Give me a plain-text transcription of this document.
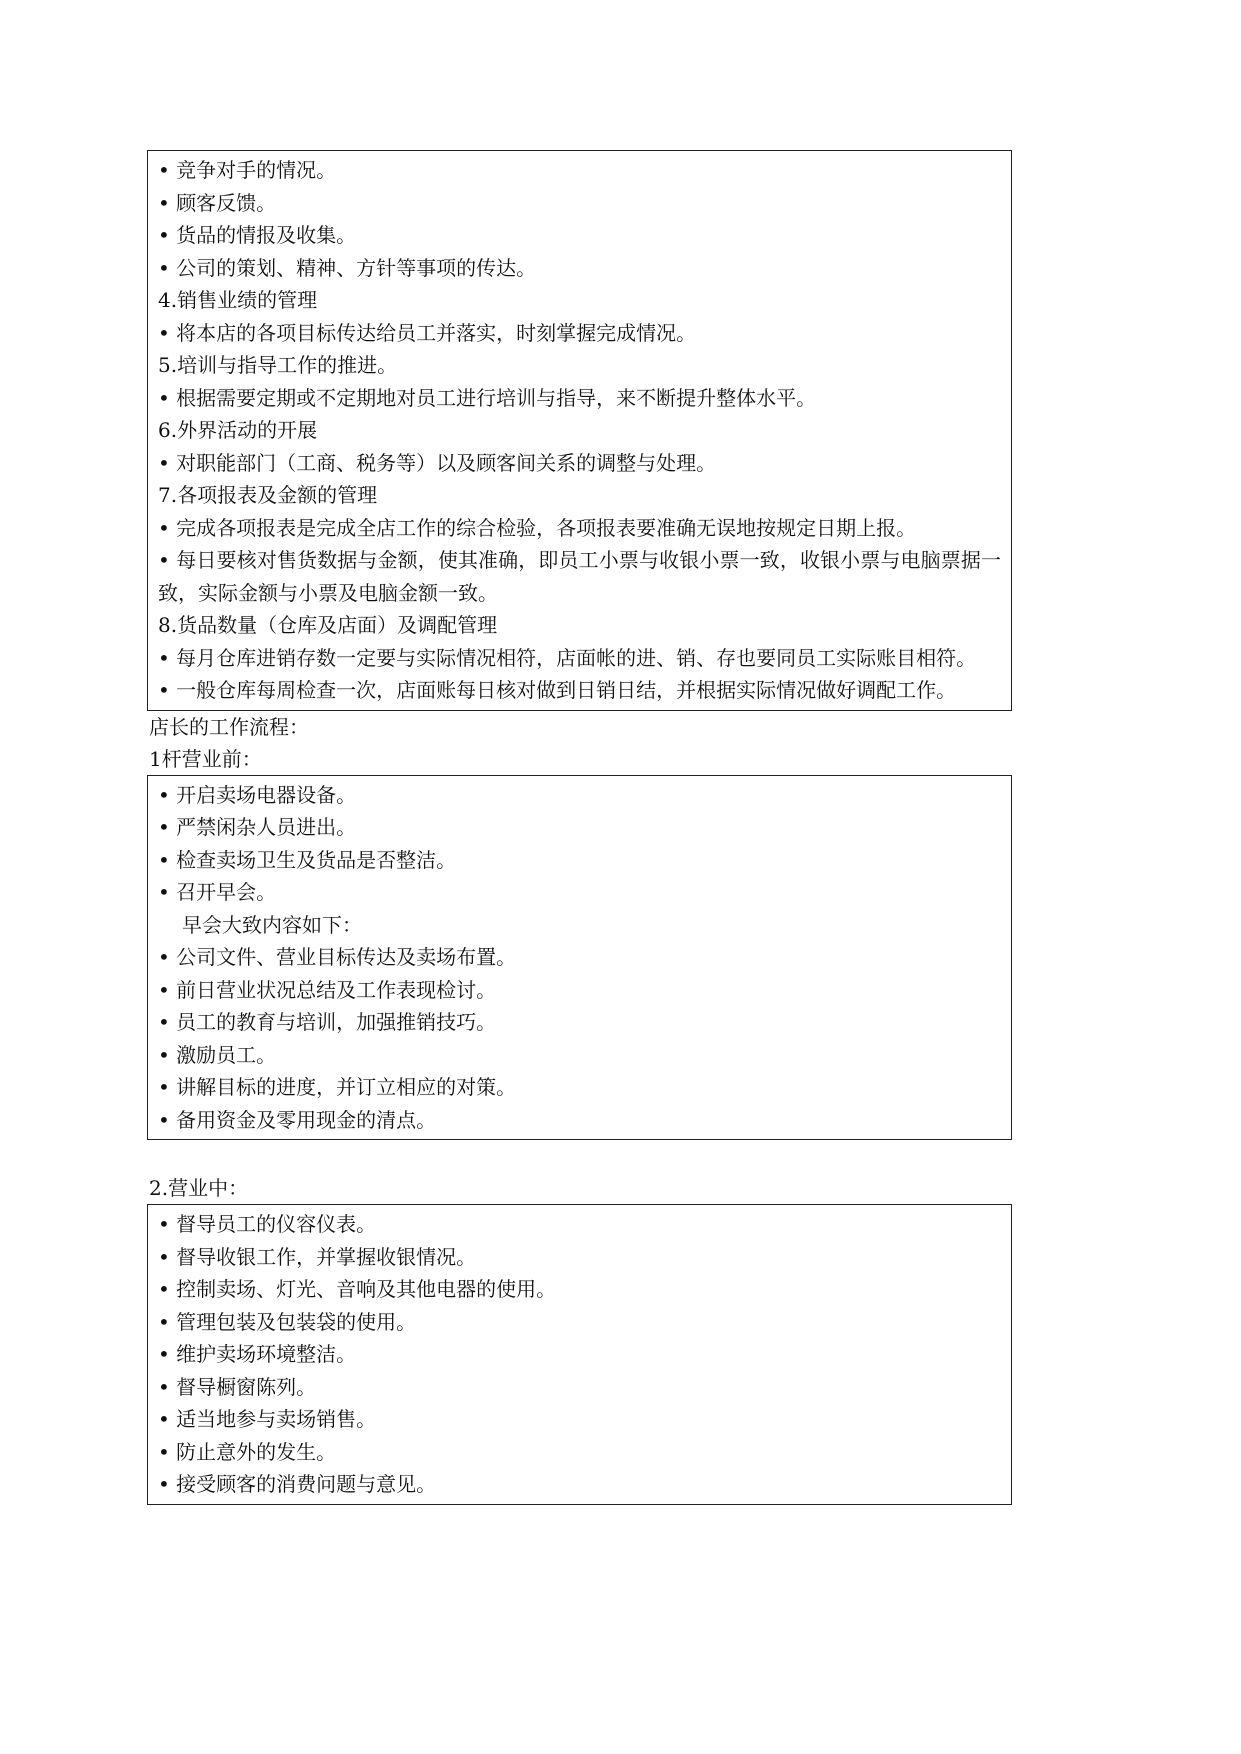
• 竞争对手的情况。
• 顾客反馈。
• 货品的情报及收集。
• 公司的策划、精神、方针等事项的传达。
4.销售业绩的管理
• 将本店的各项目标传达给员工并落实，时刻掌握完成情况。
5.培训与指导工作的推进。
• 根据需要定期或不定期地对员工进行培训与指导，来不断提升整体水平。
6.外界活动的开展
• 对职能部门（工商、税务等）以及顾客间关系的调整与处理。
7.各项报表及金额的管理
• 完成各项报表是完成全店工作的综合检验，各项报表要准确无误地按规定日期上报。
• 每日要核对售货数据与金额，使其准确，即员工小票与收银小票一致，收银小票与电脑票据一致，实际金额与小票及电脑金额一致。
8.货品数量（仓库及店面）及调配管理
• 每月仓库进销存数一定要与实际情况相符，店面帐的进、销、存也要同员工实际账目相符。
• 一般仓库每周检查一次，店面账每日核对做到日销日结，并根据实际情况做好调配工作。
店长的工作流程：
1杆营业前：
• 开启卖场电器设备。
• 严禁闲杂人员进出。
• 检查卖场卫生及货品是否整洁。
• 召开早会。
早会大致内容如下：
• 公司文件、营业目标传达及卖场布置。
• 前日营业状况总结及工作表现检讨。
• 员工的教育与培训，加强推销技巧。
• 激励员工。
• 讲解目标的进度，并订立相应的对策。
• 备用资金及零用现金的清点。
2.营业中：
• 督导员工的仪容仪表。
• 督导收银工作，并掌握收银情况。
• 控制卖场、灯光、音响及其他电器的使用。
• 管理包装及包装袋的使用。
• 维护卖场环境整洁。
• 督导橱窗陈列。
• 适当地参与卖场销售。
• 防止意外的发生。
• 接受顾客的消费问题与意见。
